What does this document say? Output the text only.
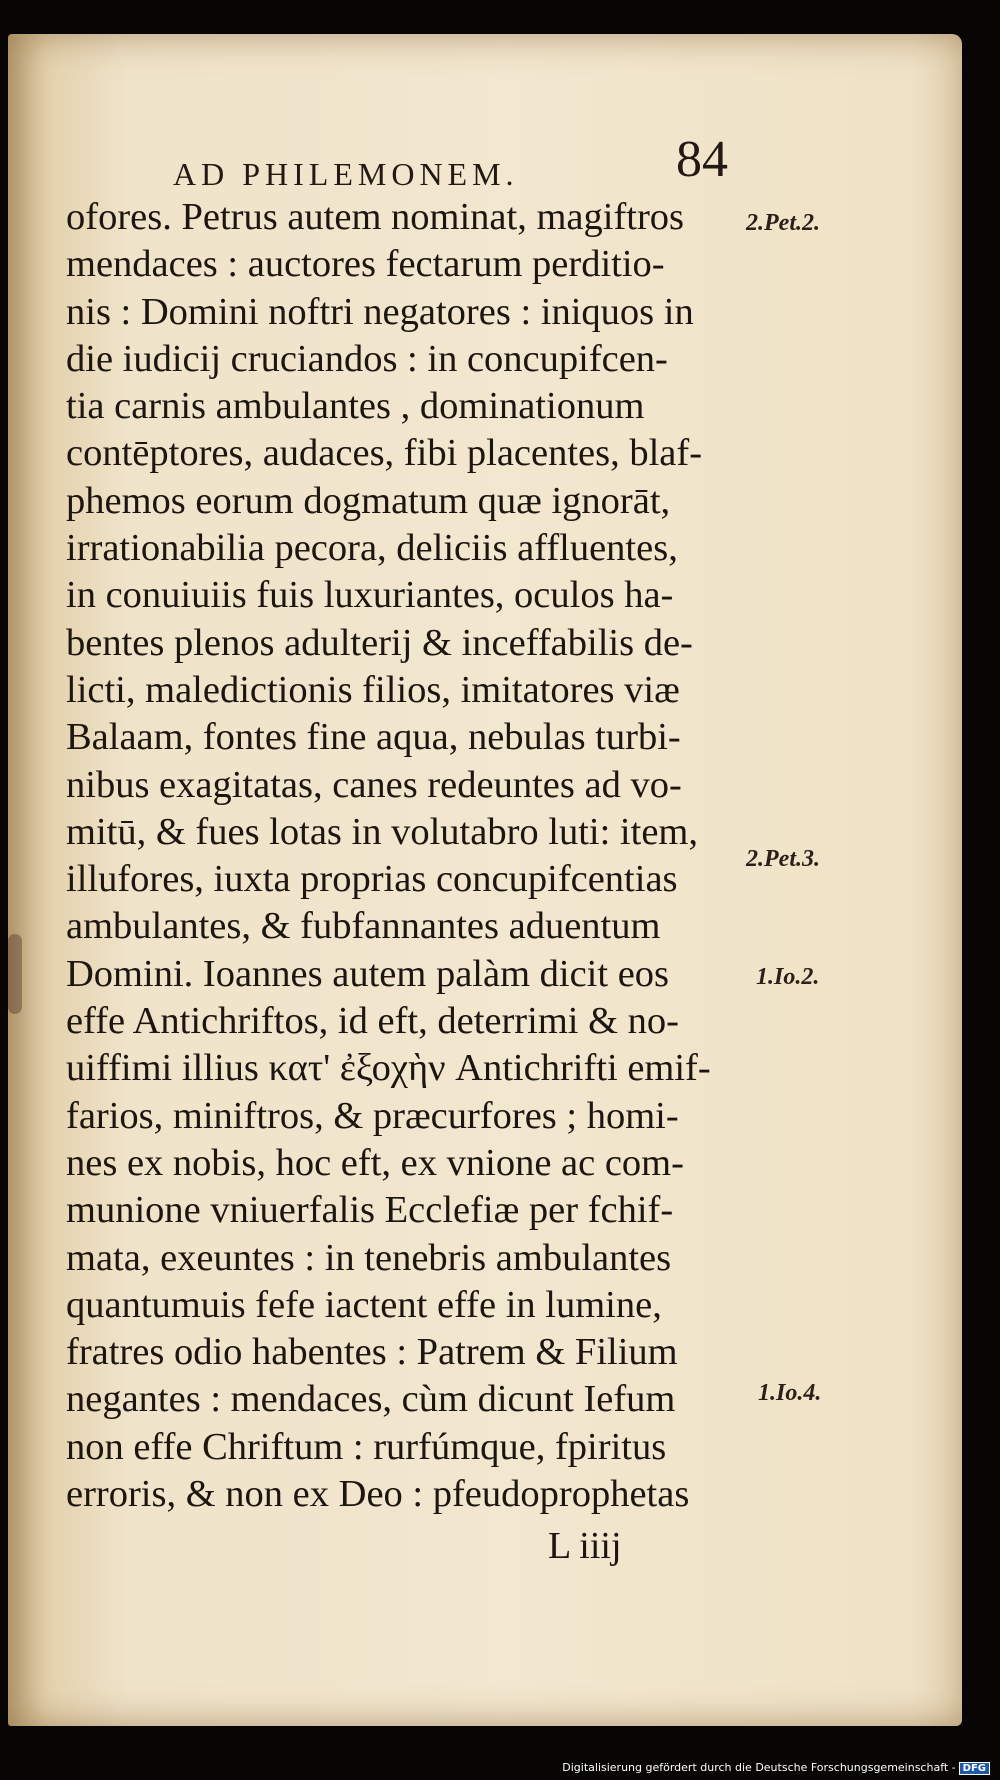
AD PHILEMONEM.	84
ofores. Petrus autem nominat, magiftros
mendaces : auctores fectarum perditio-
nis : Domini noftri negatores : iniquos in
die iudicij cruciandos : in concupifcen-
tia carnis ambulantes , dominationum
contēptores, audaces, fibi placentes, blaf-
phemos eorum dogmatum quæ ignorāt,
irrationabilia pecora, deliciis affluentes,
in conuiuiis fuis luxuriantes, oculos ha-
bentes plenos adulterij & inceffabilis de-
licti, maledictionis filios, imitatores viæ
Balaam, fontes fine aqua, nebulas turbi-
nibus exagitatas, canes redeuntes ad vo-
mitū, & fues lotas in volutabro luti: item,
illufores, iuxta proprias concupifcentias
ambulantes, & fubfannantes aduentum
Domini. Ioannes autem palàm dicit eos
effe Antichriftos, id eft, deterrimi & no-
uiffimi illius κατ' ἐξοχὴν Antichrifti emif-
farios, miniftros, & præcurfores ; homi-
nes ex nobis, hoc eft, ex vnione ac com-
munione vniuerfalis Ecclefiæ per fchif-
mata, exeuntes : in tenebris ambulantes
quantumuis fefe iactent effe in lumine,
fratres odio habentes : Patrem & Filium
negantes : mendaces, cùm dicunt Iefum
non effe Chriftum : rurfúmque, fpiritus
erroris, & non ex Deo : pfeudoprophetas
L iiij
2.Pet.2.
2.Pet.3.
1.Io.2.
1.Io.4.
Digitalisierung gefördert durch die Deutsche Forschungsgemeinschaft - DFG
